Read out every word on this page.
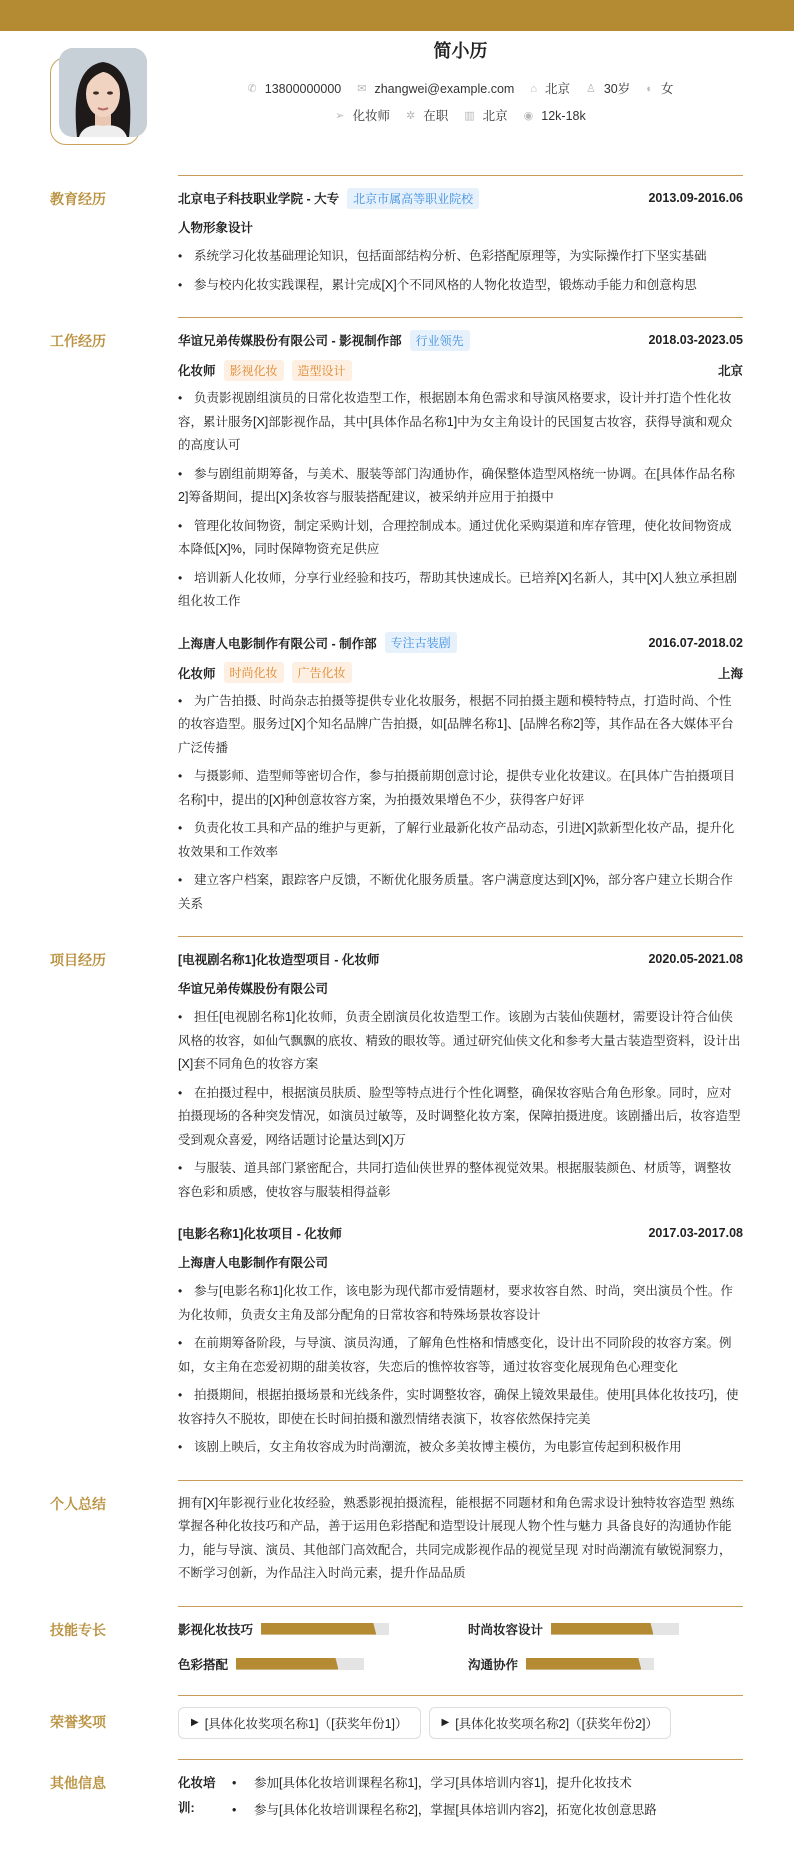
简小历
✆ 13800000000 ✉ zhangwei@example.com ⌂ 北京 ♙ 30岁 ◐ 女
➢ 化妆师 ✲ 在职 ▥ 北京 ◉ 12k-18k
教育经历	北京电子科技职业学院 - 大专	北京市属高等职业院校	2013.09-2016.06
人物形象设计
• 系统学习化妆基础理论知识，包括面部结构分析、色彩搭配原理等，为实际操作打下坚实基础
• 参与校内化妆实践课程，累计完成[X]个不同风格的人物化妆造型，锻炼动手能力和创意构思
工作经历	华谊兄弟传媒股份有限公司 - 影视制作部	行业领先	2018.03-2023.05
化妆师	影视化妆	造型设计	北京
• 负责影视剧组演员的日常化妆造型工作，根据剧本角色需求和导演风格要求，设计并打造个性化妆容，累计服务[X]部影视作品，其中[具体作品名称1]中为女主角设计的民国复古妆容，获得导演和观众的高度认可
• 参与剧组前期筹备，与美术、服装等部门沟通协作，确保整体造型风格统一协调。在[具体作品名称2]筹备期间，提出[X]条妆容与服装搭配建议，被采纳并应用于拍摄中
• 管理化妆间物资，制定采购计划，合理控制成本。通过优化采购渠道和库存管理，使化妆间物资成本降低[X]%，同时保障物资充足供应
• 培训新人化妆师，分享行业经验和技巧，帮助其快速成长。已培养[X]名新人，其中[X]人独立承担剧组化妆工作
上海唐人电影制作有限公司 - 制作部	专注古装剧	2016.07-2018.02
化妆师	时尚化妆	广告化妆	上海
• 为广告拍摄、时尚杂志拍摄等提供专业化妆服务，根据不同拍摄主题和模特特点，打造时尚、个性的妆容造型。服务过[X]个知名品牌广告拍摄，如[品牌名称1]、[品牌名称2]等，其作品在各大媒体平台广泛传播
• 与摄影师、造型师等密切合作，参与拍摄前期创意讨论，提供专业化妆建议。在[具体广告拍摄项目名称]中，提出的[X]种创意妆容方案，为拍摄效果增色不少，获得客户好评
• 负责化妆工具和产品的维护与更新，了解行业最新化妆产品动态，引进[X]款新型化妆产品，提升化妆效果和工作效率
• 建立客户档案，跟踪客户反馈，不断优化服务质量。客户满意度达到[X]%，部分客户建立长期合作关系
项目经历	[电视剧名称1]化妆造型项目 - 化妆师	2020.05-2021.08
华谊兄弟传媒股份有限公司
• 担任[电视剧名称1]化妆师，负责全剧演员化妆造型工作。该剧为古装仙侠题材，需要设计符合仙侠风格的妆容，如仙气飘飘的底妆、精致的眼妆等。通过研究仙侠文化和参考大量古装造型资料，设计出[X]套不同角色的妆容方案
• 在拍摄过程中，根据演员肤质、脸型等特点进行个性化调整，确保妆容贴合角色形象。同时，应对拍摄现场的各种突发情况，如演员过敏等，及时调整化妆方案，保障拍摄进度。该剧播出后，妆容造型受到观众喜爱，网络话题讨论量达到[X]万
• 与服装、道具部门紧密配合，共同打造仙侠世界的整体视觉效果。根据服装颜色、材质等，调整妆容色彩和质感，使妆容与服装相得益彰
[电影名称1]化妆项目 - 化妆师	2017.03-2017.08
上海唐人电影制作有限公司
• 参与[电影名称1]化妆工作，该电影为现代都市爱情题材，要求妆容自然、时尚，突出演员个性。作为化妆师，负责女主角及部分配角的日常妆容和特殊场景妆容设计
• 在前期筹备阶段，与导演、演员沟通，了解角色性格和情感变化，设计出不同阶段的妆容方案。例如，女主角在恋爱初期的甜美妆容，失恋后的憔悴妆容等，通过妆容变化展现角色心理变化
• 拍摄期间，根据拍摄场景和光线条件，实时调整妆容，确保上镜效果最佳。使用[具体化妆技巧]，使妆容持久不脱妆，即使在长时间拍摄和激烈情绪表演下，妆容依然保持完美
• 该剧上映后，女主角妆容成为时尚潮流，被众多美妆博主模仿，为电影宣传起到积极作用
个人总结	拥有[X]年影视行业化妆经验，熟悉影视拍摄流程，能根据不同题材和角色需求设计独特妆容造型 熟练掌握各种化妆技巧和产品，善于运用色彩搭配和造型设计展现人物个性与魅力 具备良好的沟通协作能力，能与导演、演员、其他部门高效配合，共同完成影视作品的视觉呈现 对时尚潮流有敏锐洞察力，不断学习创新，为作品注入时尚元素，提升作品品质
技能专长	影视化妆技巧	时尚妆容设计
色彩搭配	沟通协作
荣誉奖项	▶ [具体化妆奖项名称1]（[获奖年份1]）	▶ [具体化妆奖项名称2]（[获奖年份2]）
其他信息	化妆培训:
• 参加[具体化妆培训课程名称1]，学习[具体培训内容1]，提升化妆技术
• 参与[具体化妆培训课程名称2]，掌握[具体培训内容2]，拓宽化妆创意思路
